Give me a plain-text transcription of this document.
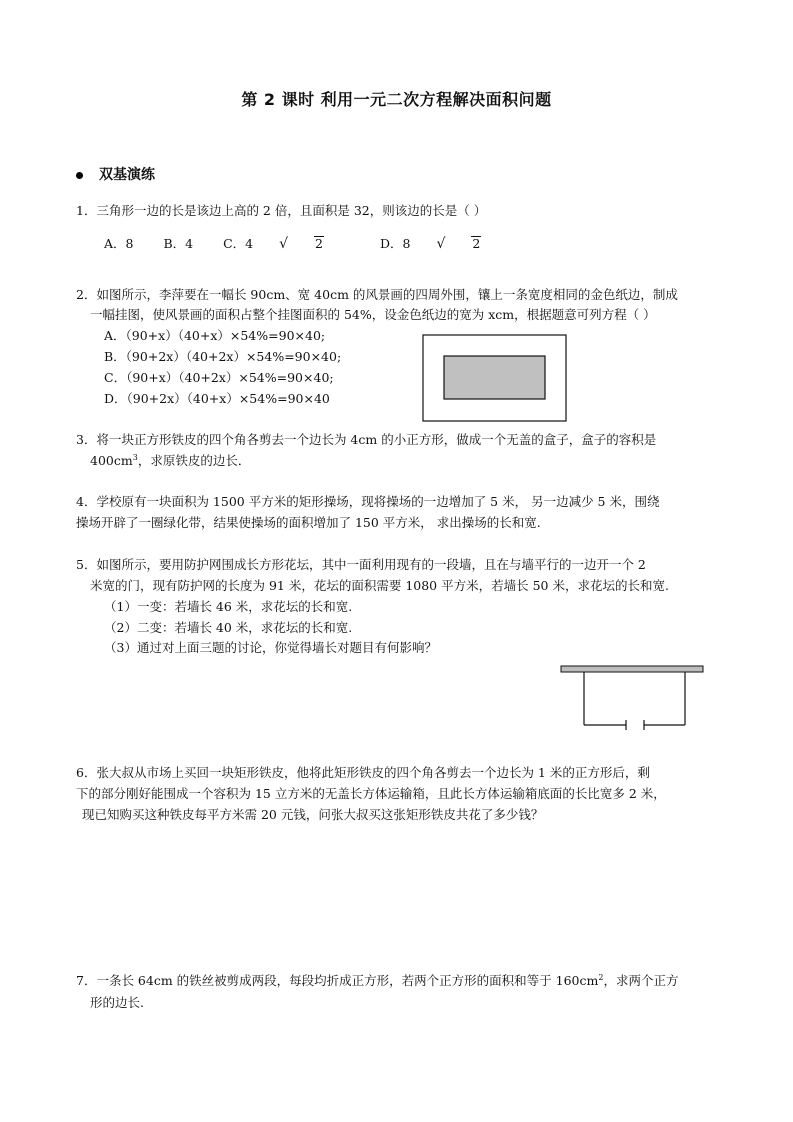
第 2 课时 利用一元二次方程解决面积问题
双基演练
1．三角形一边的长是该边上高的 2 倍，且面积是 32，则该边的长是（ ）
A．8 B．4 C．4 √ 2	D．8 √ 2
2．如图所示，李萍要在一幅长 90cm、宽 40cm 的风景画的四周外围，镶上一条宽度相同的金色纸边，制成
一幅挂图，使风景画的面积占整个挂图面积的 54%，设金色纸边的宽为 xcm，根据题意可列方程（ ）
A．（90+x）（40+x）×54%=90×40;
B．（90+2x）（40+2x）×54%=90×40;
C．（90+x）（40+2x）×54%=90×40;
D．（90+2x）（40+x）×54%=90×40
3．将一块正方形铁皮的四个角各剪去一个边长为 4cm 的小正方形，做成一个无盖的盒子，盒子的容积是
$400cm^3$，求原铁皮的边长．
4．学校原有一块面积为 1500 平方米的矩形操场，现将操场的一边增加了 5 米， 另一边减少 5 米，围绕
操场开辟了一圈绿化带，结果使操场的面积增加了 150 平方米， 求出操场的长和宽.
5．如图所示，要用防护网围成长方形花坛，其中一面利用现有的一段墙，且在与墙平行的一边开一个 2
米宽的门，现有防护网的长度为 91 米，花坛的面积需要 1080 平方米，若墙长 50 米，求花坛的长和宽.
（1）一变：若墙长 46 米，求花坛的长和宽.
（2）二变：若墙长 40 米，求花坛的长和宽.
（3）通过对上面三题的讨论，你觉得墙长对题目有何影响？
6．张大叔从市场上买回一块矩形铁皮，他将此矩形铁皮的四个角各剪去一个边长为 1 米的正方形后，剩
下的部分刚好能围成一个容积为 15 立方米的无盖长方体运输箱，且此长方体运输箱底面的长比宽多 2 米，
现已知购买这种铁皮每平方米需 20 元钱，问张大叔买这张矩形铁皮共花了多少钱？
7．一条长 64cm 的铁丝被剪成两段，每段均折成正方形，若两个正方形的面积和等于 $160cm^2$，求两个正方
形的边长.
